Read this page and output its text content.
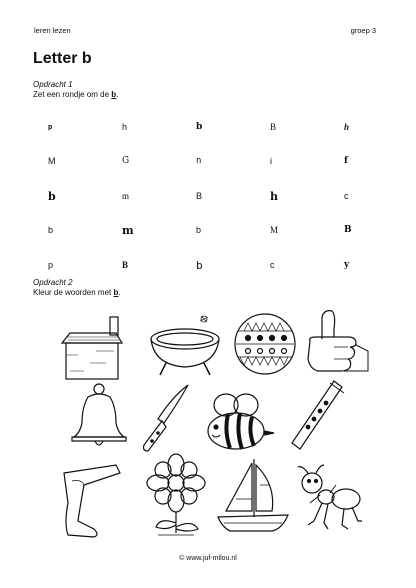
leren lezen	groep 3
Letter b
Opdracht 1
Zet een rondje om de b.
p	h	b	B	h
M	G	n	i	f
b	m	B	h	c
b	m	b	M	B
p	B	b	c	y
Opdracht 2
Kleur de woorden met b.
© www.juf-milou.nl
